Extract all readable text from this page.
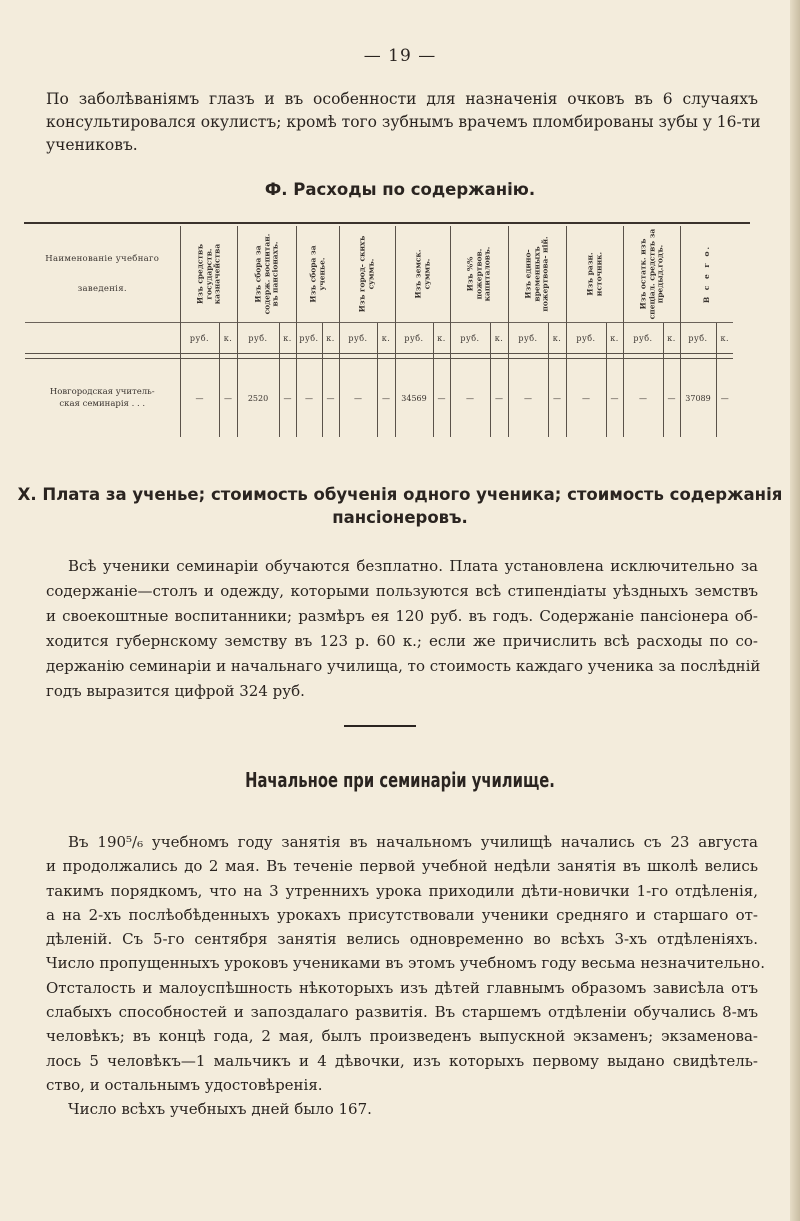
— 19 —
По заболѣваніямъ глазъ и въ особенности для назначенія очковъ въ 6 случаяхъ
консультировался окулистъ; кромѣ того зубнымъ врачемъ пломбированы зубы у 16-ти
учениковъ.
Ф. Расходы по содержанію.
Наименованіе учебнаго
заведенія.	Изъ средствъ государств. казначейства		Изъ сбора за содерж. воспитан. въ пансіонахъ.		Изъ сбора за ученье.		Изъ город- скихъ суммъ.		Изъ земск. суммъ.		Изъ %% пожертвов. капиталовъ.		Изъ едино- временныхъ пожертвова- ній.		Изъ разн. источник.		Изъ остатк. изъ спеціал. средствъ за предыд.годъ.		В с е г о.	

	руб.	к.	руб.	к.	руб.	к.	руб.	к.	руб.	к.	руб.	к.	руб.	к.	руб.	к.	руб.	к.	руб.	к.

Новгородская учитель-
ская семинарія . . .	—	—	2520	—	—	—	—	—	34569	—	—	—	—	—	—	—	—	—	37089	—
Х. Плата за ученье; стоимость обученія одного ученика; стоимость содержанія
пансіонеровъ.
Всѣ ученики семинаріи обучаются безплатно. Плата установлена исключительно за
содержаніе—столъ и одежду, которыми пользуются всѣ стипендіаты уѣздныхъ земствъ
и своекоштные воспитанники; размѣръ ея 120 руб. въ годъ. Содержаніе пансіонера об-
ходится губернскому земству въ 123 р. 60 к.; если же причислить всѣ расходы по со-
держанію семинаріи и начальнаго училища, то стоимость каждаго ученика за послѣдній
годъ выразится цифрой 324 руб.
Начальное при семинаріи училище.
Въ 190⁵/₆ учебномъ году занятія въ начальномъ училищѣ начались съ 23 августа
и продолжались до 2 мая. Въ теченіе первой учебной недѣли занятія въ школѣ велись
такимъ порядкомъ, что на 3 утреннихъ урока приходили дѣти-новички 1-го отдѣленія,
а на 2-хъ послѣобѣденныхъ урокахъ присутствовали ученики средняго и старшаго от-
дѣленій. Съ 5-го сентября занятія велись одновременно во всѣхъ 3-хъ отдѣленіяхъ.
Число пропущенныхъ уроковъ учениками въ этомъ учебномъ году весьма незначительно.
Отсталость и малоуспѣшность нѣкоторыхъ изъ дѣтей главнымъ образомъ зависѣла отъ
слабыхъ способностей и запоздалаго развитія. Въ старшемъ отдѣленіи обучались 8-мъ
человѣкъ; въ концѣ года, 2 мая, былъ произведенъ выпускной экзаменъ; экзаменова-
лось 5 человѣкъ—1 мальчикъ и 4 дѣвочки, изъ которыхъ первому выдано свидѣтель-
ство, и остальнымъ удостовѣренія.
Число всѣхъ учебныхъ дней было 167.
